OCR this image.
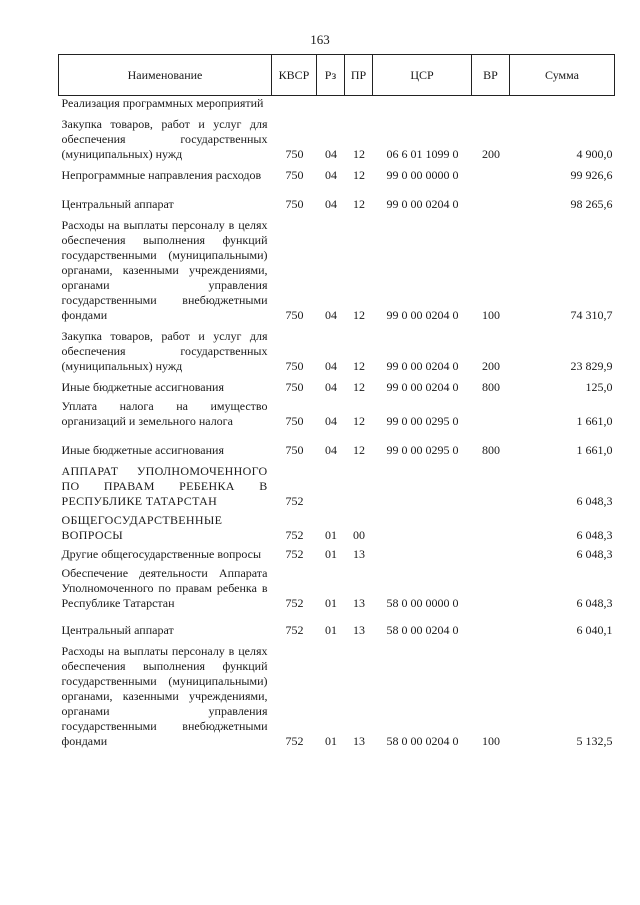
163
Наименование	КВСР	Рз	ПР	ЦСР	ВР	Сумма
Реализация программных мероприятий						
Закупка товаров, работ и услуг для обеспечения государственных (муниципальных) нужд	750	04	12	06 6 01 1099 0	200	4 900,0
Непрограммные направления расходов	750	04	12	99 0 00 0000 0		99 926,6
Центральный аппарат	750	04	12	99 0 00 0204 0		98 265,6
Расходы на выплаты персоналу в целях обеспечения выполнения функций государственными (муниципальными) органами, казенными учреждениями, органами управления государственными внебюджетными фондами	750	04	12	99 0 00 0204 0	100	74 310,7
Закупка товаров, работ и услуг для обеспечения государственных (муниципальных) нужд	750	04	12	99 0 00 0204 0	200	23 829,9
Иные бюджетные ассигнования	750	04	12	99 0 00 0204 0	800	125,0
Уплата налога на имущество организаций и земельного налога	750	04	12	99 0 00 0295 0		1 661,0
Иные бюджетные ассигнования	750	04	12	99 0 00 0295 0	800	1 661,0
АППАРАТ УПОЛНОМОЧЕННОГО ПО ПРАВАМ РЕБЕНКА В РЕСПУБЛИКЕ ТАТАРСТАН	752					6 048,3
ОБЩЕГОСУДАРСТВЕННЫЕ ВОПРОСЫ	752	01	00			6 048,3
Другие общегосударственные вопросы	752	01	13			6 048,3
Обеспечение деятельности Аппарата Уполномоченного по правам ребенка в Республике Татарстан	752	01	13	58 0 00 0000 0		6 048,3
Центральный аппарат	752	01	13	58 0 00 0204 0		6 040,1
Расходы на выплаты персоналу в целях обеспечения выполнения функций государственными (муниципальными) органами, казенными учреждениями, органами управления государственными внебюджетными фондами	752	01	13	58 0 00 0204 0	100	5 132,5
